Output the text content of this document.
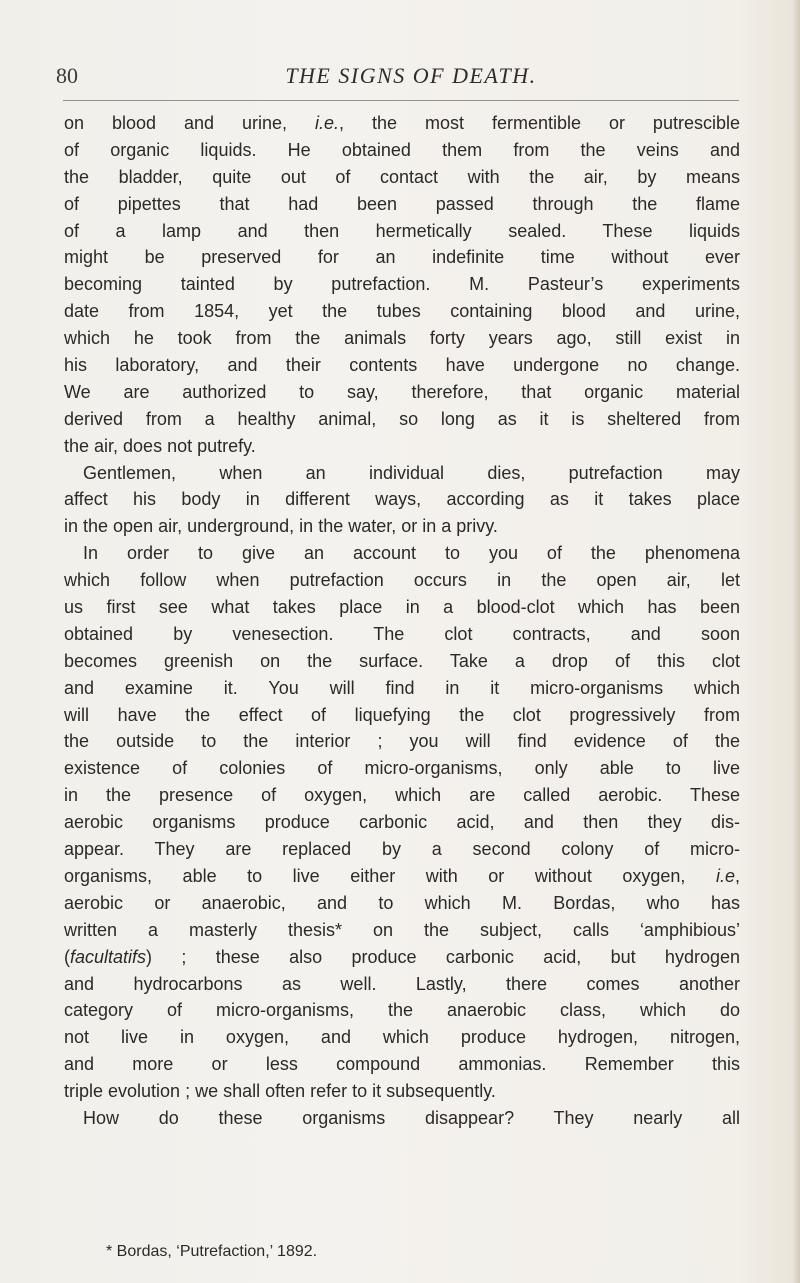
80	THE SIGNS OF DEATH.
on blood and urine, i.e., the most fermentible or putrescible
of organic liquids. He obtained them from the veins and
the bladder, quite out of contact with the air, by means
of pipettes that had been passed through the flame
of a lamp and then hermetically sealed. These liquids
might be preserved for an indefinite time without ever
becoming tainted by putrefaction. M. Pasteur’s experiments
date from 1854, yet the tubes containing blood and urine,
which he took from the animals forty years ago, still exist in
his laboratory, and their contents have undergone no change.
We are authorized to say, therefore, that organic material
derived from a healthy animal, so long as it is sheltered from
the air, does not putrefy.
Gentlemen, when an individual dies, putrefaction may
affect his body in different ways, according as it takes place
in the open air, underground, in the water, or in a privy.
In order to give an account to you of the phenomena
which follow when putrefaction occurs in the open air, let
us first see what takes place in a blood-clot which has been
obtained by venesection. The clot contracts, and soon
becomes greenish on the surface. Take a drop of this clot
and examine it. You will find in it micro-organisms which
will have the effect of liquefying the clot progressively from
the outside to the interior ; you will find evidence of the
existence of colonies of micro-organisms, only able to live
in the presence of oxygen, which are called aerobic. These
aerobic organisms produce carbonic acid, and then they dis-
appear. They are replaced by a second colony of micro-
organisms, able to live either with or without oxygen, i.e,
aerobic or anaerobic, and to which M. Bordas, who has
written a masterly thesis* on the subject, calls ‘amphibious’
(facultatifs) ; these also produce carbonic acid, but hydrogen
and hydrocarbons as well. Lastly, there comes another
category of micro-organisms, the anaerobic class, which do
not live in oxygen, and which produce hydrogen, nitrogen,
and more or less compound ammonias. Remember this
triple evolution ; we shall often refer to it subsequently.
How do these organisms disappear? They nearly all
* Bordas, ‘Putrefaction,’ 1892.
